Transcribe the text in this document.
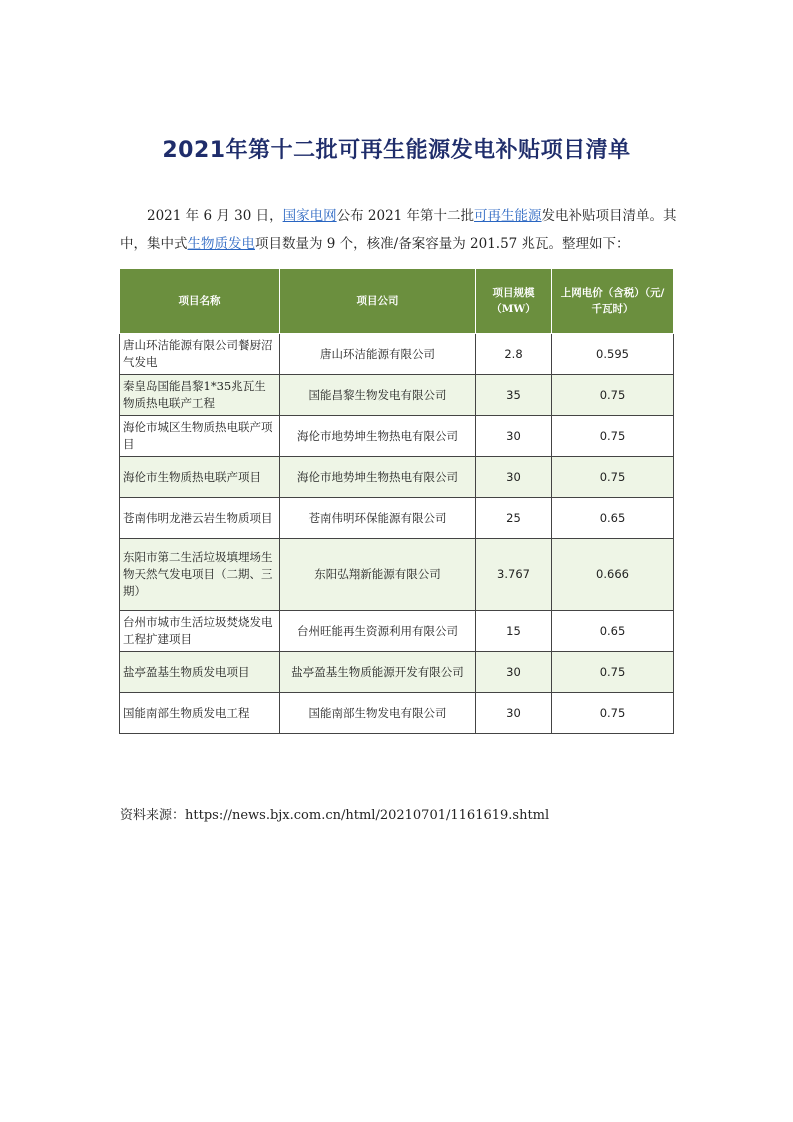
2021年第十二批可再生能源发电补贴项目清单

2021 年 6 月 30 日，国家电网公布 2021 年第十二批可再生能源发电补贴项目清单。其中，集中式生物质发电项目数量为 9 个，核准/备案容量为 201.57 兆瓦。整理如下：

项目名称	项目公司	项目规模（MW）	上网电价（含税）（元/千瓦时）
唐山环洁能源有限公司餐厨沼气发电	唐山环洁能源有限公司	2.8	0.595
秦皇岛国能昌黎1*35兆瓦生物质热电联产工程	国能昌黎生物发电有限公司	35	0.75
海伦市城区生物质热电联产项目	海伦市地势坤生物热电有限公司	30	0.75
海伦市生物质热电联产项目	海伦市地势坤生物热电有限公司	30	0.75
苍南伟明龙港云岩生物质项目	苍南伟明环保能源有限公司	25	0.65
东阳市第二生活垃圾填埋场生物天然气发电项目（二期、三期）	东阳弘翔新能源有限公司	3.767	0.666
台州市城市生活垃圾焚烧发电工程扩建项目	台州旺能再生资源利用有限公司	15	0.65
盐亭盈基生物质发电项目	盐亭盈基生物质能源开发有限公司	30	0.75
国能南部生物质发电工程	国能南部生物发电有限公司	30	0.75

资料来源：https://news.bjx.com.cn/html/20210701/1161619.shtml
